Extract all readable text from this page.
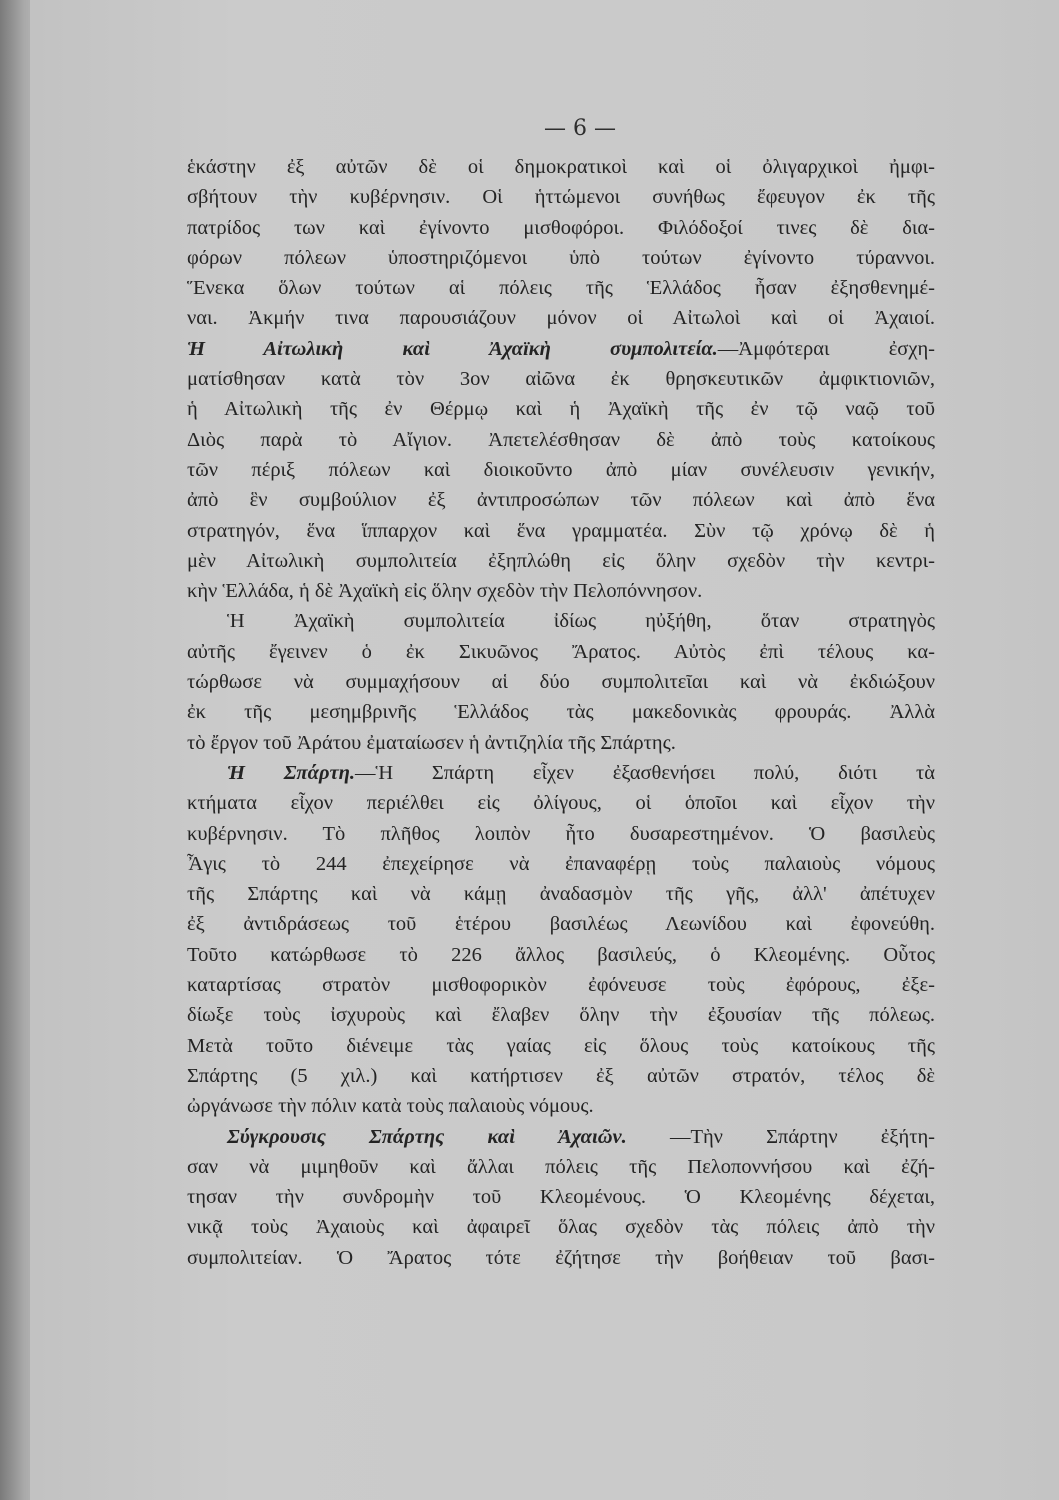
— 6 —
ἑκάστην ἐξ αὐτῶν δὲ οἱ δημοκρατικοὶ καὶ οἱ ὀλιγαρχικοὶ ἠμφι-
σβήτουν τὴν κυβέρνησιν. Οἱ ἡττώμενοι συνήθως ἔφευγον ἐκ τῆς
πατρίδος των καὶ ἐγίνοντο μισθοφόροι. Φιλόδοξοί τινες δὲ δια-
φόρων πόλεων ὑποστηριζόμενοι ὑπὸ τούτων ἐγίνοντο τύραννοι.
Ἕνεκα ὅλων τούτων αἱ πόλεις τῆς Ἑλλάδος ἦσαν ἐξησθενημέ-
ναι. Ἀκμήν τινα παρουσιάζουν μόνον οἱ Αἰτωλοὶ καὶ οἱ Ἀχαιοί.
Ἡ Αἰτωλικὴ καὶ Ἀχαϊκὴ συμπολιτεία.—Ἀμφότεραι ἐσχη-
ματίσθησαν κατὰ τὸν 3ον αἰῶνα ἐκ θρησκευτικῶν ἀμφικτιονιῶν,
ἡ Αἰτωλικὴ τῆς ἐν Θέρμῳ καὶ ἡ Ἀχαϊκὴ τῆς ἐν τῷ ναῷ τοῦ
Διὸς παρὰ τὸ Αἴγιον. Ἀπετελέσθησαν δὲ ἀπὸ τοὺς κατοίκους
τῶν πέριξ πόλεων καὶ διοικοῦντο ἀπὸ μίαν συνέλευσιν γενικήν,
ἀπὸ ἓν συμβούλιον ἐξ ἀντιπροσώπων τῶν πόλεων καὶ ἀπὸ ἕνα
στρατηγόν, ἕνα ἵππαρχον καὶ ἕνα γραμματέα. Σὺν τῷ χρόνῳ δὲ ἡ
μὲν Αἰτωλικὴ συμπολιτεία ἐξηπλώθη εἰς ὅλην σχεδὸν τὴν κεντρι-
κὴν Ἑλλάδα, ἡ δὲ Ἀχαϊκὴ εἰς ὅλην σχεδὸν τὴν Πελοπόννησον.
Ἡ Ἀχαϊκὴ συμπολιτεία ἰδίως ηὐξήθη, ὅταν στρατηγὸς
αὐτῆς ἔγεινεν ὁ ἐκ Σικυῶνος Ἄρατος. Αὐτὸς ἐπὶ τέλους κα-
τώρθωσε νὰ συμμαχήσουν αἱ δύο συμπολιτεῖαι καὶ νὰ ἐκδιώξουν
ἐκ τῆς μεσημβρινῆς Ἑλλάδος τὰς μακεδονικὰς φρουράς. Ἀλλὰ
τὸ ἔργον τοῦ Ἀράτου ἐματαίωσεν ἡ ἀντιζηλία τῆς Σπάρτης.
Ἡ Σπάρτη.—Ἡ Σπάρτη εἶχεν ἐξασθενήσει πολύ, διότι τὰ
κτήματα εἶχον περιέλθει εἰς ὀλίγους, οἱ ὁποῖοι καὶ εἶχον τὴν
κυβέρνησιν. Τὸ πλῆθος λοιπὸν ἦτο δυσαρεστημένον. Ὁ βασιλεὺς
Ἆγις τὸ 244 ἐπεχείρησε νὰ ἐπαναφέρῃ τοὺς παλαιοὺς νόμους
τῆς Σπάρτης καὶ νὰ κάμῃ ἀναδασμὸν τῆς γῆς, ἀλλ' ἀπέτυχεν
ἐξ ἀντιδράσεως τοῦ ἑτέρου βασιλέως Λεωνίδου καὶ ἐφονεύθη.
Τοῦτο κατώρθωσε τὸ 226 ἄλλος βασιλεύς, ὁ Κλεομένης. Οὗτος
καταρτίσας στρατὸν μισθοφορικὸν ἐφόνευσε τοὺς ἐφόρους, ἐξε-
δίωξε τοὺς ἰσχυροὺς καὶ ἔλαβεν ὅλην τὴν ἐξουσίαν τῆς πόλεως.
Μετὰ τοῦτο διένειμε τὰς γαίας εἰς ὅλους τοὺς κατοίκους τῆς
Σπάρτης (5 χιλ.) καὶ κατήρτισεν ἐξ αὐτῶν στρατόν, τέλος δὲ
ὠργάνωσε τὴν πόλιν κατὰ τοὺς παλαιοὺς νόμους.
Σύγκρουσις Σπάρτης καὶ Ἀχαιῶν. —Τὴν Σπάρτην ἐξήτη-
σαν νὰ μιμηθοῦν καὶ ἄλλαι πόλεις τῆς Πελοποννήσου καὶ ἐζή-
τησαν τὴν συνδρομὴν τοῦ Κλεομένους. Ὁ Κλεομένης δέχεται,
νικᾷ τοὺς Ἀχαιοὺς καὶ ἀφαιρεῖ ὅλας σχεδὸν τὰς πόλεις ἀπὸ τὴν
συμπολιτείαν. Ὁ Ἄρατος τότε ἐζήτησε τὴν βοήθειαν τοῦ βασι-
